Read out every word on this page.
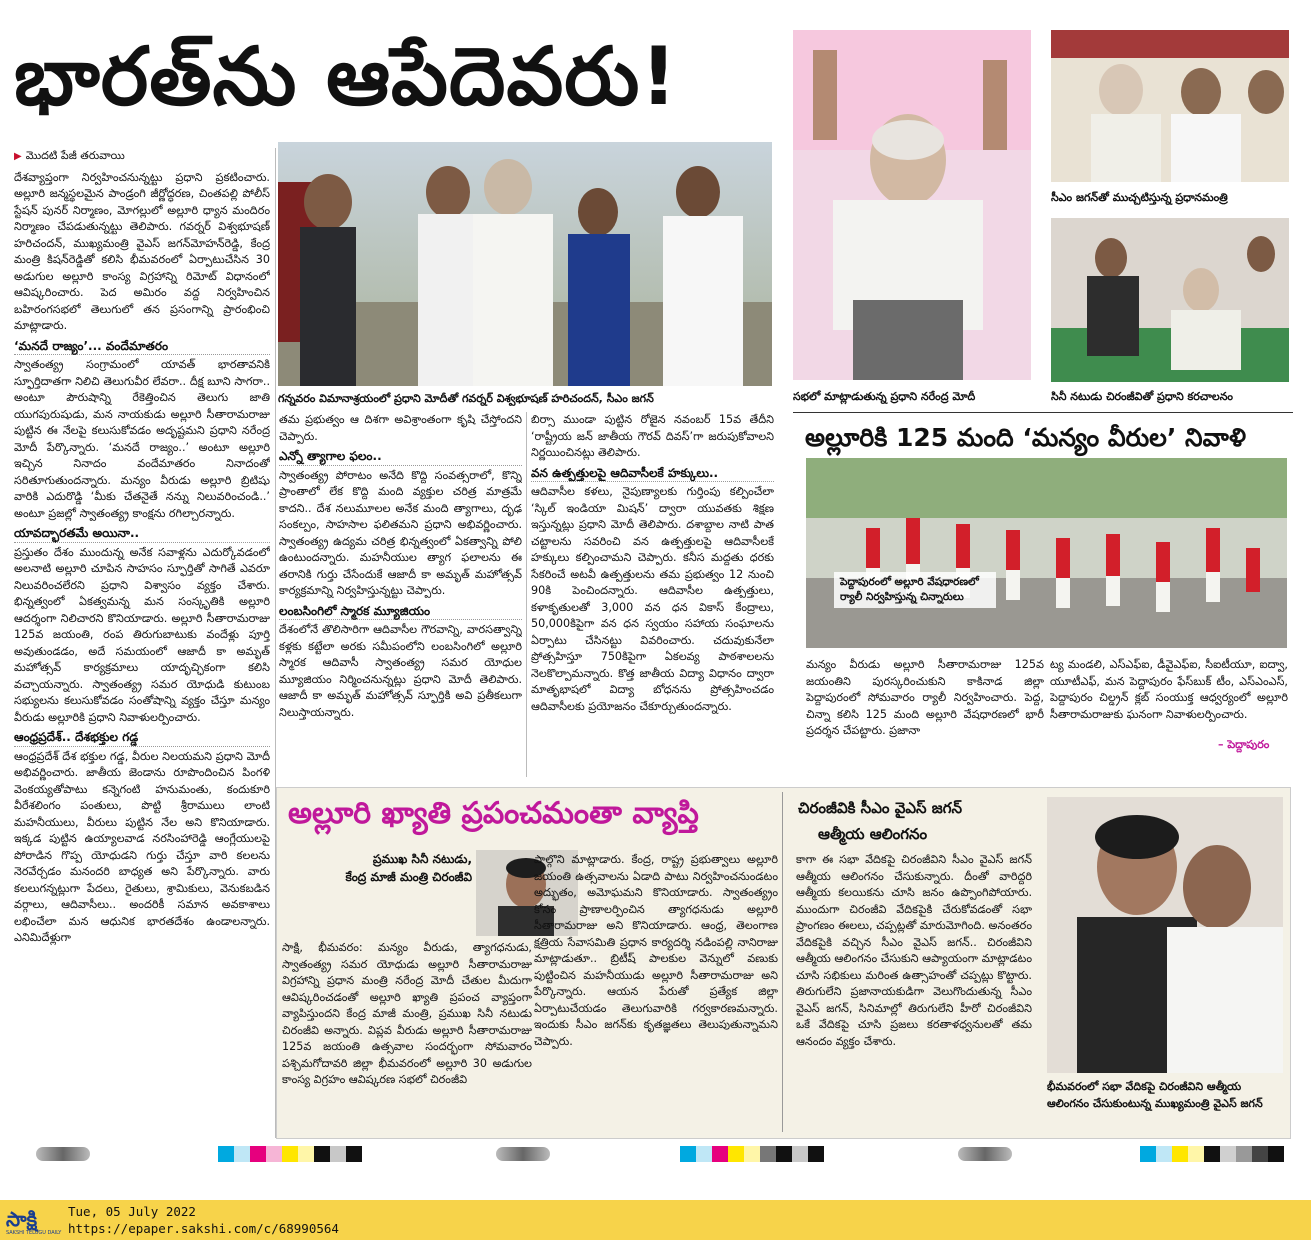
భారత్‌ను ఆపేదెవరు!
▶ మొదటి పేజీ తరువాయి

దేశవ్యాప్తంగా నిర్వహించనున్నట్టు ప్రధాని ప్రకటించారు. అల్లూరి జన్మస్థలమైన పాండ్రంగి జీర్ణోద్ధరణ, చింతపల్లి పోలీస్‌ స్టేషన్‌ పునర్‌ నిర్మాణం, మోగల్లులో అల్లూరి ధ్యాన మందిరం నిర్మాణం చేపడుతున్నట్టు తెలిపారు. గవర్నర్‌ విశ్వభూషణ్‌ హరిచందన్‌, ముఖ్యమంత్రి వైఎస్‌ జగన్‌మోహన్‌రెడ్డి, కేంద్ర మంత్రి కిషన్‌రెడ్డితో కలిసి భీమవరంలో ఏర్పాటుచేసిన 30 అడుగుల అల్లూరి కాంస్య విగ్రహాన్ని రిమోట్‌ విధానంలో ఆవిష్కరించారు. పెద అమిరం వద్ద నిర్వహించిన బహిరంగసభలో తెలుగులో తన ప్రసంగాన్ని ప్రారంభించి మాట్లాడారు.

‘మనదే రాజ్యం’... వందేమాతరం

స్వాతంత్య్ర సంగ్రామంలో యావత్‌ భారతావనికి స్ఫూర్తిదాతగా నిలిచి తెలుగువీర లేవరా.. దీక్ష బూని సాగరా.. అంటూ పౌరుషాన్ని రేకెత్తించిన తెలుగు జాతి యుగపురుషుడు, మన నాయకుడు అల్లూరి సీతారామరాజు పుట్టిన ఈ నేలపై కలుసుకోవడం అదృష్టమని ప్రధాని నరేంద్ర మోదీ పేర్కొన్నారు. ‘మనదే రాజ్యం..’ అంటూ అల్లూరి ఇచ్చిన నినాదం వందేమాతరం నినాదంతో సరితూగుతుందన్నారు. మన్యం వీరుడు అల్లూరి బ్రిటిషు వారికి ఎదురొడ్డి ‘మీకు చేతనైతే నన్ను నిలువరించండి..’ అంటూ ప్రజల్లో స్వాతంత్య్ర కాంక్షను రగిల్చారన్నారు.

యావద్భారతమే అయినా..

ప్రస్తుతం దేశం ముందున్న అనేక సవాళ్లను ఎదుర్కోవడంలో అలనాటి అల్లూరి చూపిన సాహసం స్ఫూర్తితో సాగితే ఎవరూ నిలువరించలేరని ప్రధాని విశ్వాసం వ్యక్తం చేశారు. భిన్నత్వంలో ఏకత్వమన్న మన సంస్కృతికి అల్లూరి ఆదర్శంగా నిలిచారని కొనియాడారు. అల్లూరి సీతారామరాజు 125వ జయంతి, రంప తిరుగుబాటుకు వందేళ్లు పూర్తి అవుతుండడం, అదే సమయంలో ఆజాదీ కా అమృత్‌ మహోత్సవ్‌ కార్యక్రమాలు యాదృచ్ఛికంగా కలిసి వచ్చాయన్నారు. స్వాతంత్య్ర సమర యోధుడి కుటుంబ సభ్యులను కలుసుకోవడం సంతోషాన్ని వ్యక్తం చేస్తూ మన్యం వీరుడు అల్లూరికి ప్రధాని నివాళులర్పించారు.

ఆంధ్రప్రదేశ్‌.. దేశభక్తుల గడ్డ

ఆంధ్రప్రదేశ్‌ దేశ భక్తుల గడ్డ, వీరుల నిలయమని ప్రధాని మోదీ అభివర్ణించారు. జాతీయ జెండాను రూపొందించిన పింగళి వెంకయ్యతోపాటు కన్నెగంటి హనుమంతు, కందుకూరి వీరేశలింగం పంతులు, పొట్టి శ్రీరాములు లాంటి మహనీయులు, వీరులు పుట్టిన నేల అని కొనియాడారు. ఇక్కడ పుట్టిన ఉయ్యాలవాడ నరసింహారెడ్డి ఆంగ్లేయులపై పోరాడిన గొప్ప యోధుడని గుర్తు చేస్తూ వారి కలలను నెరవేర్చడం మనందరి బాధ్యత అని పేర్కొన్నారు. వారు కలలుగన్నట్లుగా పేదలు, రైతులు, శ్రామికులు, వెనుకబడిన వర్గాలు, ఆదివాసీలు.. అందరికీ సమాన అవకాశాలు లభించేలా మన ఆధునిక భారతదేశం ఉండాలన్నారు. ఎనిమిదేళ్లుగా

గన్నవరం విమానాశ్రయంలో ప్రధాని మోదీతో గవర్నర్‌ విశ్వభూషణ్‌ హరిచందన్‌, సీఎం జగన్‌	సభలో మాట్లాడుతున్న ప్రధాని నరేంద్ర మోదీ
సీఎం జగన్‌తో ముచ్చటిస్తున్న ప్రధానమంత్రి
సినీ నటుడు చిరంజీవితో ప్రధాని కరచాలనం

తమ ప్రభుత్వం ఆ దిశగా అవిశ్రాంతంగా కృషి చేస్తోందని చెప్పారు.

ఎన్నో త్యాగాల ఫలం..

స్వాతంత్య్ర పోరాటం అనేది కొద్ది సంవత్సరాలో, కొన్ని ప్రాంతాలో లేక కొద్ది మంది వ్యక్తుల చరిత్ర మాత్రమే కాదని.. దేశ నలుమూలల అనేక మంది త్యాగాలు, దృఢ సంకల్పం, సాహసాల ఫలితమని ప్రధాని అభివర్ణించారు. స్వాతంత్య్ర ఉద్యమ చరిత్ర భిన్నత్వంలో ఏకత్వాన్ని పోలి ఉంటుందన్నారు. మహనీయుల త్యాగ ఫలాలను ఈ తరానికి గుర్తు చేసేందుకే ఆజాదీ కా అమృత్‌ మహోత్సవ్‌ కార్యక్రమాన్ని నిర్వహిస్తున్నట్టు చెప్పారు.

లంబసింగిలో స్మారక మ్యూజియం

దేశంలోనే తొలిసారిగా ఆదివాసీల గౌరవాన్ని, వారసత్వాన్ని కళ్లకు కట్టేలా అరకు సమీపంలోని లంబసింగిలో అల్లూరి స్మారక ఆదివాసీ స్వాతంత్య్ర సమర యోధుల మ్యూజియం నిర్మించనున్నట్లు ప్రధాని మోదీ తెలిపారు. ఆజాదీ కా అమృత్‌ మహోత్సవ్‌ స్ఫూర్తికి అవి ప్రతీకలుగా నిలుస్తాయన్నారు.

బిర్సా ముండా పుట్టిన రోజైన నవంబర్‌ 15వ తేదీని ‘రాష్ట్రీయ జన్‌ జాతీయ గౌరవ్‌ దివస్‌’గా జరుపుకోవాలని నిర్ణయించినట్లు తెలిపారు.

వన ఉత్పత్తులపై ఆదివాసీలకే హక్కులు..

ఆదివాసీల కళలు, నైపుణ్యాలకు గుర్తింపు కల్పించేలా ‘స్కిల్‌ ఇండియా మిషన్‌’ ద్వారా యువతకు శిక్షణ ఇస్తున్నట్లు ప్రధాని మోదీ తెలిపారు. దశాబ్దాల నాటి పాత చట్టాలను సవరించి వన ఉత్పత్తులపై ఆదివాసీలకే హక్కులు కల్పించామని చెప్పారు. కనీస మద్దతు ధరకు సేకరించే అటవీ ఉత్పత్తులను తమ ప్రభుత్వం 12 నుంచి 90కి పెంచిందన్నారు. ఆదివాసీల ఉత్పత్తులు, కళాకృతులతో 3,000 వన ధన వికాస్‌ కేంద్రాలు, 50,000కిపైగా వన ధన స్వయం సహాయ సంఘాలను ఏర్పాటు చేసినట్టు వివరించారు. చదువుకునేలా ప్రోత్సహిస్తూ 750కిపైగా ఏకలవ్య పాఠశాలలను నెలకొల్పామన్నారు. కొత్త జాతీయ విద్యా విధానం ద్వారా మాతృభాషలో విద్యా బోధనను ప్రోత్సహించడం ఆదివాసీలకు ప్రయోజనం చేకూర్చుతుందన్నారు.

అల్లూరికి 125 మంది ‘మన్యం వీరుల’ నివాళి
పెద్దాపురంలో అల్లూరి వేషధారణలో ర్యాలీ నిర్వహిస్తున్న చిన్నారులు
మన్యం వీరుడు అల్లూరి సీతారామరాజు 125వ జయంతిని పురస్కరించుకుని కాకినాడ జిల్లా పెద్దాపురంలో సోమవారం ర్యాలీ నిర్వహించారు. పెద్ద, చిన్నా కలిసి 125 మంది అల్లూరి వేషధారణలో భారీ ప్రదర్శన చేపట్టారు. ప్రజానా
ట్య మండలి, ఎస్‌ఎఫ్‌ఐ, డీవైఎఫ్‌ఐ, సీఐటీయూ, ఐద్వా, యూటీఎఫ్‌, మన పెద్దాపురం ఫేస్‌బుక్‌ టీం, ఎస్‌ఎంఎస్‌, పెద్దాపురం చిల్డ్రన్‌ క్లబ్‌ సంయుక్త ఆధ్వర్యంలో అల్లూరి సీతారామరాజుకు ఘనంగా నివాళులర్పించారు.
– పెద్దాపురం
అల్లూరి ఖ్యాతి ప్రపంచమంతా వ్యాప్తి
ప్రముఖ సినీ నటుడు,
కేంద్ర మాజీ మంత్రి చిరంజీవి
సాక్షి, భీమవరం: మన్యం వీరుడు, త్యాగధనుడు, స్వాతంత్య్ర సమర యోధుడు అల్లూరి సీతారామరాజు విగ్రహాన్ని ప్రధాన మంత్రి నరేంద్ర మోదీ చేతుల మీదుగా ఆవిష్కరించడంతో అల్లూరి ఖ్యాతి ప్రపంచ వ్యాప్తంగా వ్యాపిస్తుందని కేంద్ర మాజీ మంత్రి, ప్రముఖ సినీ నటుడు చిరంజీవి అన్నారు. విప్లవ వీరుడు అల్లూరి సీతారామరాజు 125వ జయంతి ఉత్సవాల సందర్భంగా సోమవారం పశ్చిమగోదావరి జిల్లా భీమవరంలో అల్లూరి 30 అడుగుల కాంస్య విగ్రహం ఆవిష్కరణ సభలో చిరంజీవి
పాల్గొని మాట్లాడారు. కేంద్ర, రాష్ట్ర ప్రభుత్వాలు అల్లూరి జయంతి ఉత్సవాలను ఏడాది పాటు నిర్వహించనుండటం అద్భుతం, అమోఘమని కొనియాడారు. స్వాతంత్య్రం కోసం ప్రాణాలర్పించిన త్యాగధనుడు అల్లూరి సీతారామరాజు అని కొనియాడారు. ఆంధ్ర, తెలంగాణ క్షత్రియ సేవాసమితి ప్రధాన కార్యదర్శి నడింపల్లి నానిరాజు మాట్లాడుతూ.. బ్రిటీష్‌ పాలకుల వెన్నులో వణుకు పుట్టించిన మహనీయుడు అల్లూరి సీతారామరాజు అని పేర్కొన్నారు. ఆయన పేరుతో ప్రత్యేక జిల్లా ఏర్పాటుచేయడం తెలుగువారికి గర్వకారణమన్నారు. ఇందుకు సీఎం జగన్‌కు కృతజ్ఞతలు తెలుపుతున్నామని చెప్పారు.
చిరంజీవికి సీఎం వైఎస్‌ జగన్‌
ఆత్మీయ ఆలింగనం
కాగా ఈ సభా వేదికపై చిరంజీవిని సీఎం వైఎస్‌ జగన్‌ ఆత్మీయ ఆలింగనం చేసుకున్నారు. దీంతో వారిద్దరి ఆత్మీయ కలయికను చూసి జనం ఉప్పొంగిపోయారు. ముందుగా చిరంజీవి వేదికపైకి చేరుకోవడంతో సభా ప్రాంగణం ఈలలు, చప్పట్లతో మారుమోగింది. అనంతరం వేదికపైకి వచ్చిన సీఎం వైఎస్‌ జగన్‌.. చిరంజీవిని ఆత్మీయ ఆలింగనం చేసుకుని ఆప్యాయంగా మాట్లాడటం చూసి సభికులు మరింత ఉత్సాహంతో చప్పట్లు కొట్టారు. తిరుగులేని ప్రజానాయకుడిగా వెలుగొందుతున్న సీఎం వైఎస్‌ జగన్‌, సినిమాల్లో తిరుగులేని హీరో చిరంజీవిని ఒకే వేదికపై చూసి ప్రజలు కరతాళధ్వనులతో తమ ఆనందం వ్యక్తం చేశారు.
భీమవరంలో సభా వేదికపై చిరంజీవిని ఆత్మీయ ఆలింగనం చేసుకుంటున్న ముఖ్యమంత్రి వైఎస్‌ జగన్‌
సాక్షి
SAKSHI TELUGU DAILY
Tue, 05 July 2022
https://epaper.sakshi.com/c/68990564
